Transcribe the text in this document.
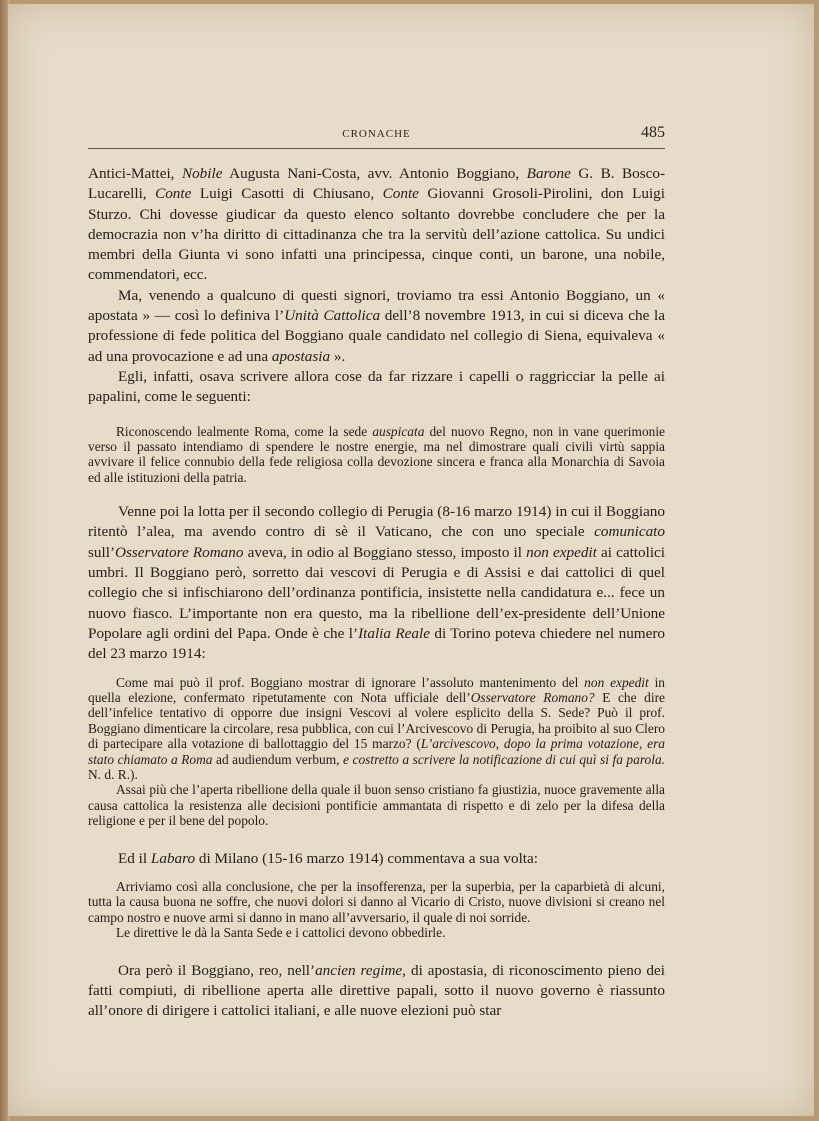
CRONACHE	485

Antici-Mattei, Nobile Augusta Nani-Costa, avv. Antonio Boggiano, Barone G. B. Bosco-Lucarelli, Conte Luigi Casotti di Chiusano, Conte Giovanni Grosoli-Pirolini, don Luigi Sturzo. Chi dovesse giudicar da questo elenco soltanto dovrebbe concludere che per la democrazia non v’ha diritto di cittadinanza che tra la servitù dell’azione cattolica. Su undici membri della Giunta vi sono infatti una principessa, cinque conti, un barone, una nobile, commendatori, ecc.

Ma, venendo a qualcuno di questi signori, troviamo tra essi Antonio Boggiano, un « apostata » — così lo definiva l’Unità Cattolica dell’8 novembre 1913, in cui si diceva che la professione di fede politica del Boggiano quale candidato nel collegio di Siena, equivaleva « ad una provocazione e ad una apostasia ».

Egli, infatti, osava scrivere allora cose da far rizzare i capelli o raggricciar la pelle ai papalini, come le seguenti:

Riconoscendo lealmente Roma, come la sede auspicata del nuovo Regno, non in vane querimonie verso il passato intendiamo di spendere le nostre energie, ma nel dimostrare quali civili virtù sappia avvivare il felice connubio della fede religiosa colla devozione sincera e franca alla Monarchia di Savoia ed alle istituzioni della patria.

Venne poi la lotta per il secondo collegio di Perugia (8-16 marzo 1914) in cui il Boggiano ritentò l’alea, ma avendo contro di sè il Vaticano, che con uno speciale comunicato sull’Osservatore Romano aveva, in odio al Boggiano stesso, imposto il non expedit ai cattolici umbri. Il Boggiano però, sorretto dai vescovi di Perugia e di Assisi e dai cattolici di quel collegio che si infischiarono dell’ordinanza pontificia, insistette nella candidatura e... fece un nuovo fiasco. L’importante non era questo, ma la ribellione dell’ex-presidente dell’Unione Popolare agli ordini del Papa. Onde è che l’Italia Reale di Torino poteva chiedere nel numero del 23 marzo 1914:

Come mai può il prof. Boggiano mostrar di ignorare l’assoluto mantenimento del non expedit in quella elezione, confermato ripetutamente con Nota ufficiale dell’Osservatore Romano? E che dire dell’infelice tentativo di opporre due insigni Vescovi al volere esplicito della S. Sede? Può il prof. Boggiano dimenticare la circolare, resa pubblica, con cui l’Arcivescovo di Perugia, ha proibito al suo Clero di partecipare alla votazione di ballottaggio del 15 marzo? (L’arcivescovo, dopo la prima votazione, era stato chiamato a Roma ad audiendum verbum, e costretto a scrivere la notificazione di cui quì si fa parola. N. d. R.).

Assai più che l’aperta ribellione della quale il buon senso cristiano fa giustizia, nuoce gravemente alla causa cattolica la resistenza alle decisioni pontificie ammantata di rispetto e di zelo per la difesa della religione e per il bene del popolo.

Ed il Labaro di Milano (15-16 marzo 1914) commentava a sua volta:

Arriviamo così alla conclusione, che per la insofferenza, per la superbia, per la caparbietà di alcuni, tutta la causa buona ne soffre, che nuovi dolori si danno al Vicario di Cristo, nuove divisioni si creano nel campo nostro e nuove armi si danno in mano all’avversario, il quale di noi sorride.

Le direttive le dà la Santa Sede e i cattolici devono obbedirle.

Ora però il Boggiano, reo, nell’ancien regime, di apostasia, di riconoscimento pieno dei fatti compiuti, di ribellione aperta alle direttive papali, sotto il nuovo governo è riassunto all’onore di dirigere i cattolici italiani, e alle nuove elezioni può star
